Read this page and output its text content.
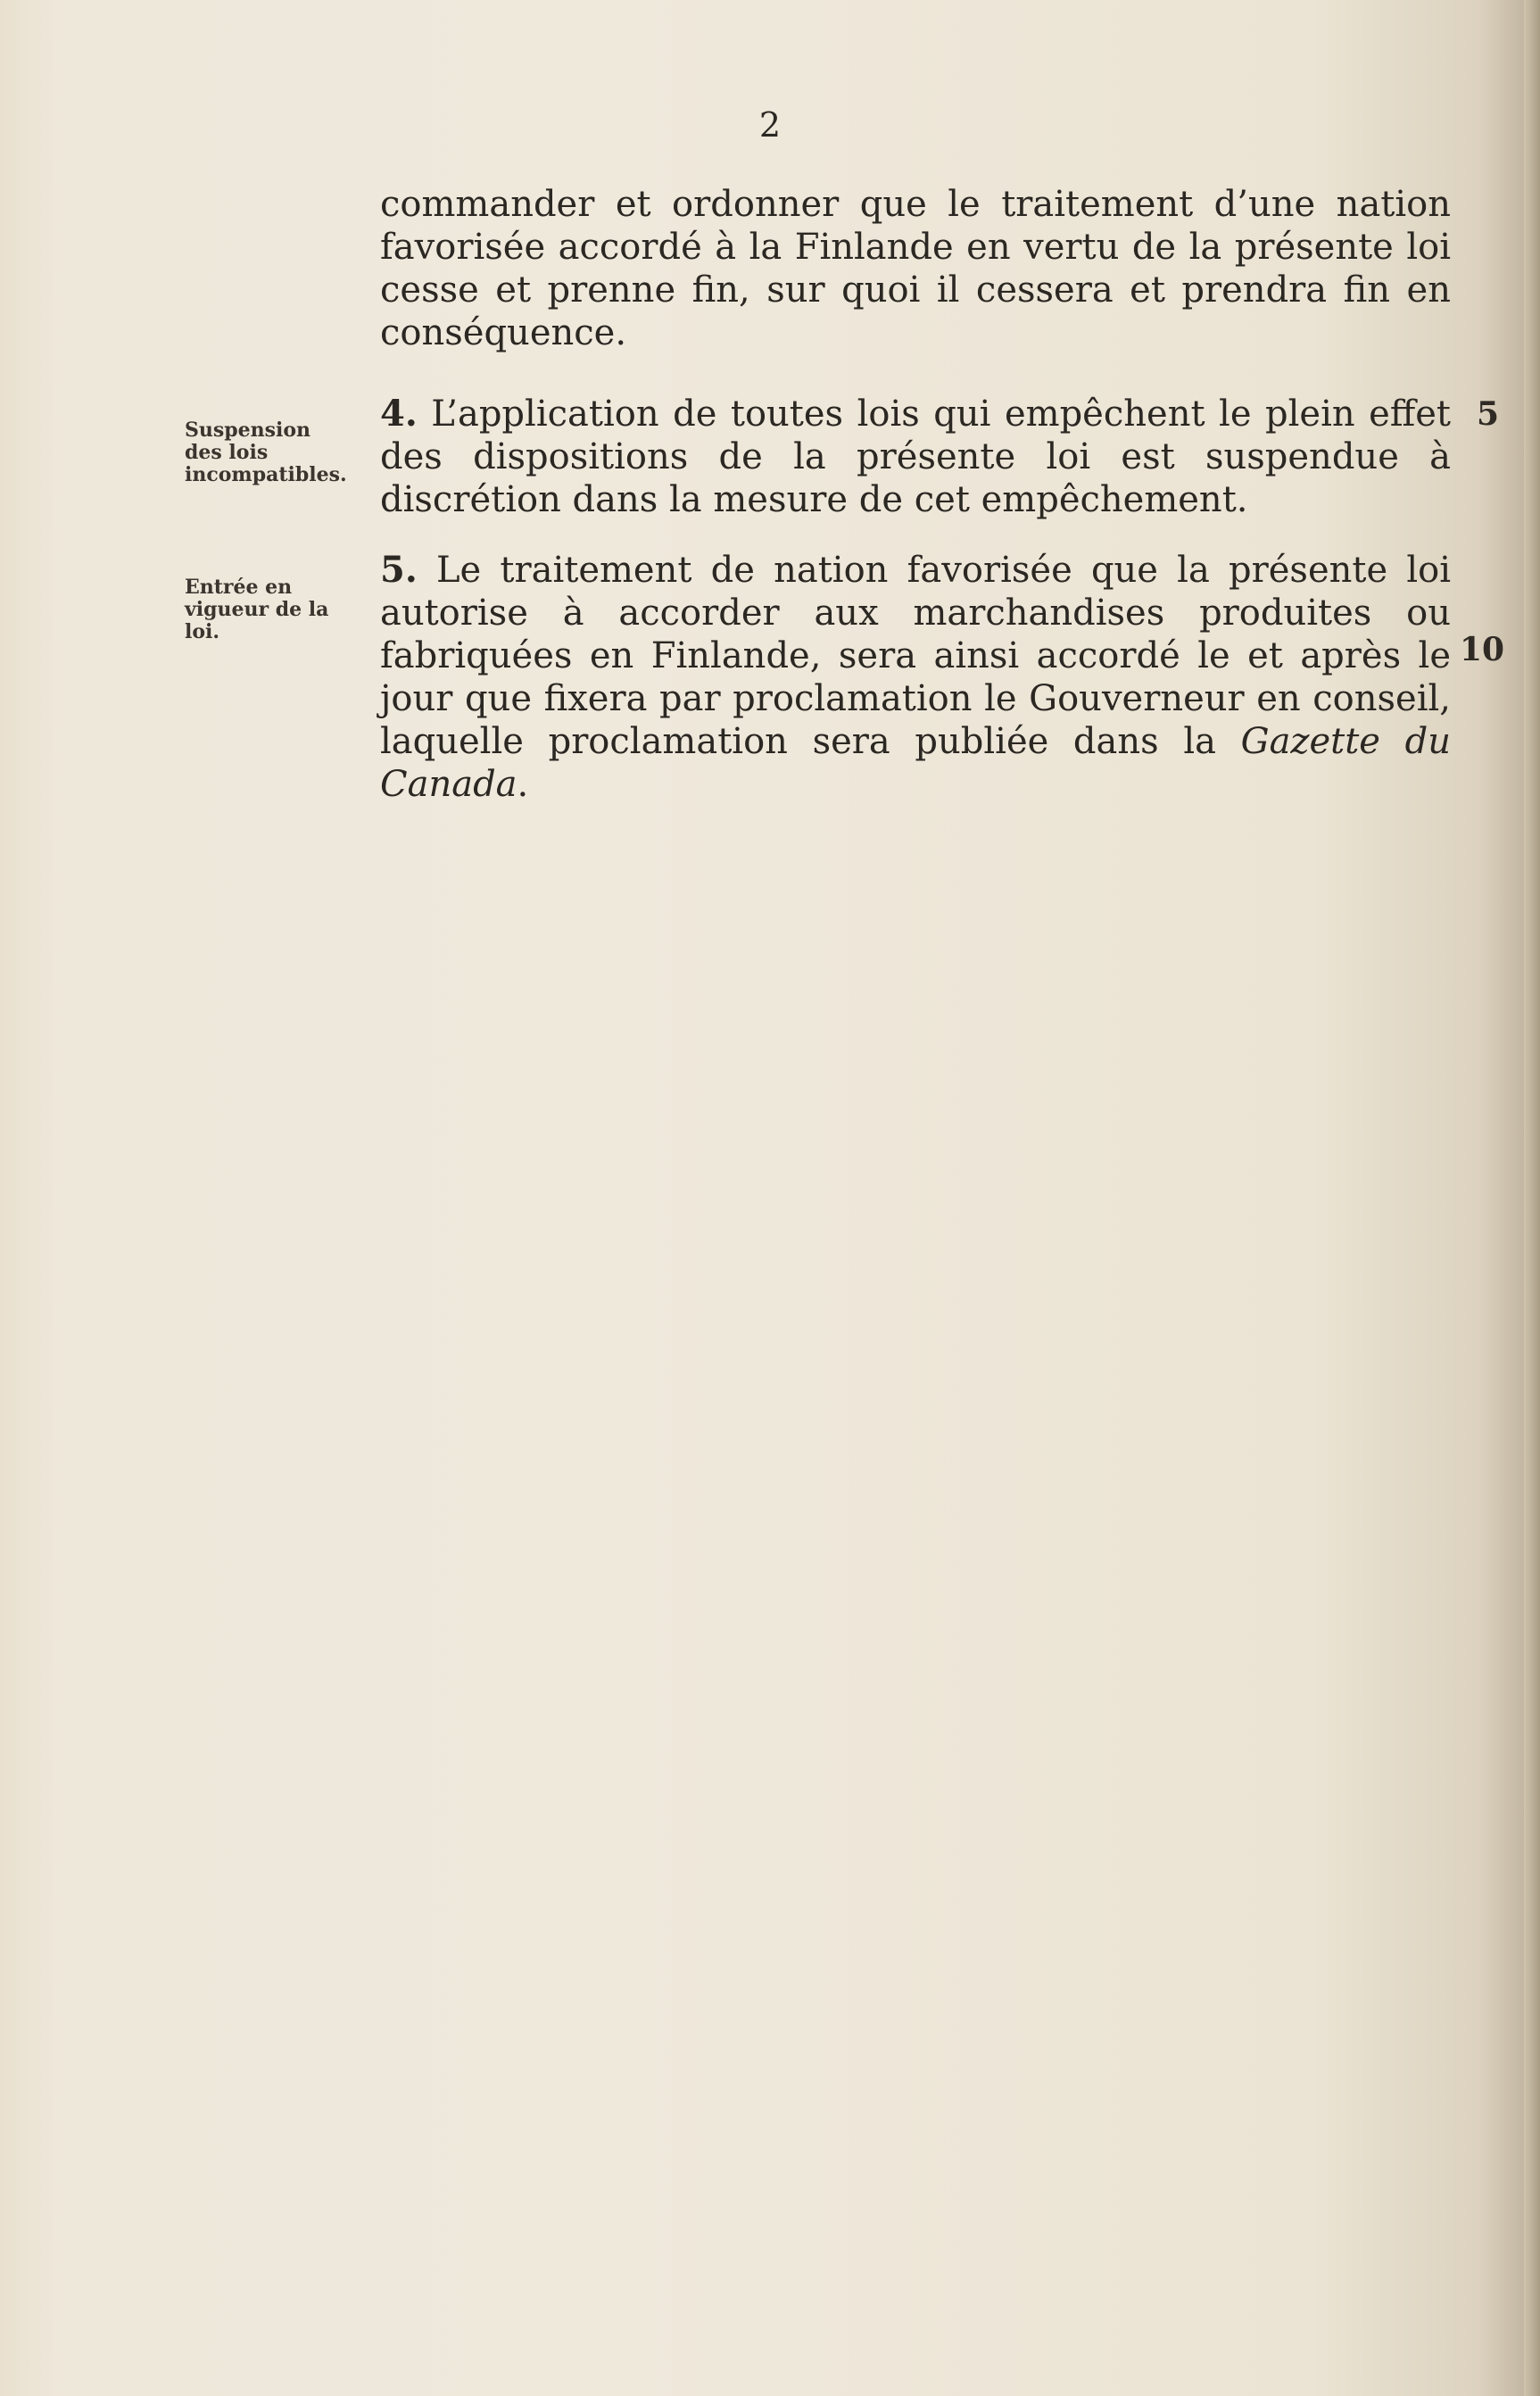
2
commander et ordonner que le traitement d’une nation favorisée accordé à la Finlande en vertu de la présente loi cesse et prenne fin, sur quoi il cessera et prendra fin en conséquence.
4. L’application de toutes lois qui empêchent le plein effet des dispositions de la présente loi est suspendue à discrétion dans la mesure de cet empêchement.
5. Le traitement de nation favorisée que la présente loi autorise à accorder aux marchandises produites ou fabriquées en Finlande, sera ainsi accordé le et après le jour que fixera par proclamation le Gouverneur en conseil, laquelle proclamation sera publiée dans la Gazette du Canada.
Suspension des lois incompatibles.
Entrée en vigueur de la loi.
5
10
